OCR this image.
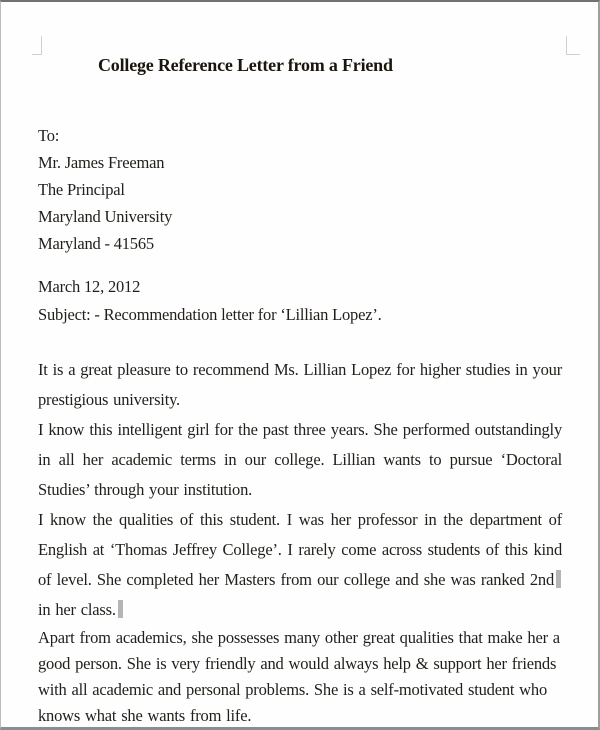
College Reference Letter from a Friend
To:
Mr. James Freeman
The Principal
Maryland University
Maryland - 41565
March 12, 2012
Subject: - Recommendation letter for ‘Lillian Lopez’.

It is a great pleasure to recommend Ms. Lillian Lopez for higher studies in your prestigious university.

I know this intelligent girl for the past three years. She performed outstandingly in all her academic terms in our college. Lillian wants to pursue ‘Doctoral Studies’ through your institution.

I know the qualities of this student. I was her professor in the department of English at ‘Thomas Jeffrey College’. I rarely come across students of this kind of level. She completed her Masters from our college and she was ranked 2ndin her class.

Apart from academics, she possesses many other great qualities that make her a good person. She is very friendly and would always help & support her friends with all academic and personal problems. She is a self-motivated student who knows what she wants from life.
